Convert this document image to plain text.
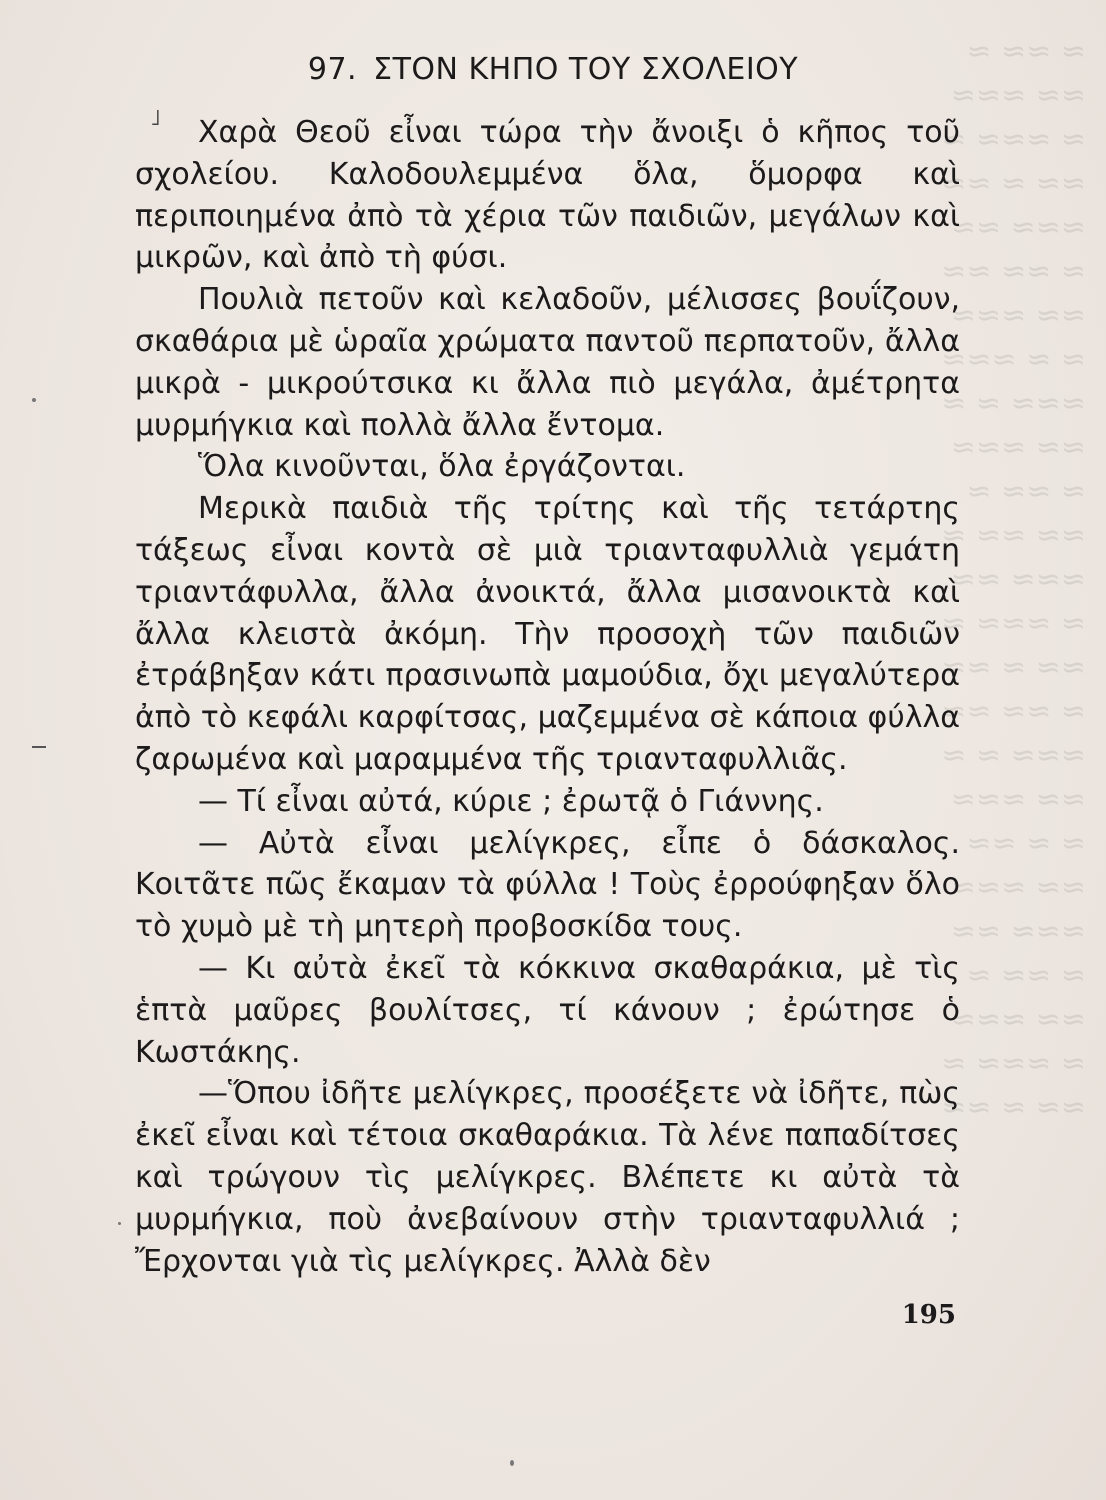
≈ ≈≈ ≈
≈≈ ≈≈≈
≈ ≈≈≈ ≈
≈≈ ≈ ≈≈
≈≈≈ ≈≈
≈ ≈≈ ≈≈
≈≈ ≈≈≈
≈ ≈ ≈≈≈
≈≈≈ ≈ ≈
≈≈ ≈≈≈
≈ ≈≈ ≈
≈≈ ≈≈ ≈
≈≈≈ ≈≈
≈ ≈≈≈ ≈
≈≈ ≈ ≈≈
≈ ≈≈ ≈≈
≈≈≈ ≈ ≈
≈≈ ≈≈≈
≈ ≈ ≈≈
≈≈ ≈≈≈
≈≈≈ ≈≈
≈ ≈≈ ≈
≈≈ ≈≈≈
≈ ≈≈≈ ≈
≈≈ ≈ ≈≈
97. ΣΤΟΝ ΚΗΠΟ ΤΟΥ ΣΧΟΛΕΙΟΥ
˩	Χαρὰ Θεοῦ εἶναι τώρα τὴν ἄνοιξι ὁ κῆπος τοῦ σχολείου. Καλοδουλεμμένα ὅλα, ὅμορφα καὶ περιποιημένα ἀπὸ τὰ χέρια τῶν παιδιῶν, μεγάλων καὶ μικρῶν, καὶ ἀπὸ τὴ φύσι.

Πουλιὰ πετοῦν καὶ κελαδοῦν, μέλισσες βουΐζουν, σκαθάρια μὲ ὡραῖα χρώματα παντοῦ περπατοῦν, ἄλλα μικρὰ - μικρούτσικα κι ἄλλα πιὸ μεγάλα, ἀμέτρητα μυρμήγκια καὶ πολλὰ ἄλλα ἔντομα.

Ὅλα κινοῦνται, ὅλα ἐργάζονται.

Μερικὰ παιδιὰ τῆς τρίτης καὶ τῆς τετάρτης τάξεως εἶναι κοντὰ σὲ μιὰ τριανταφυλλιὰ γεμάτη τριαντάφυλλα, ἄλλα ἀνοικτά, ἄλλα μισανοικτὰ καὶ ἄλλα κλειστὰ ἀκόμη. Τὴν προσοχὴ τῶν παιδιῶν ἐτράβηξαν κάτι πρασινωπὰ μαμούδια, ὄχι μεγαλύτερα ἀπὸ τὸ κεφάλι καρφίτσας, μαζεμμένα σὲ κάποια φύλλα ζαρωμένα καὶ μαραμμένα τῆς τριανταφυλλιᾶς.

— Τί εἶναι αὐτά, κύριε ; ἐρωτᾷ ὁ Γιάννης.

— Αὐτὰ εἶναι μελίγκρες, εἶπε ὁ δάσκαλος. Κοιτᾶτε πῶς ἔκαμαν τὰ φύλλα ! Τοὺς ἐρρούφηξαν ὅλο τὸ χυμὸ μὲ τὴ μητερὴ προβοσκίδα τους.

— Κι αὐτὰ ἐκεῖ τὰ κόκκινα σκαθαράκια, μὲ τὶς ἑπτὰ μαῦρες βουλίτσες, τί κάνουν ; ἐρώτησε ὁ Κωστάκης.

—Ὅπου ἰδῆτε μελίγκρες, προσέξετε νὰ ἰδῆτε, πὼς ἐκεῖ εἶναι καὶ τέτοια σκαθαράκια. Τὰ λένε παπαδίτσες καὶ τρώγουν τὶς μελίγκρες. Βλέπετε κι αὐτὰ τὰ μυρμήγκια, ποὺ ἀνεβαίνουν στὴν τριανταφυλλιά ; Ἔρχονται γιὰ τὶς μελίγκρες. Ἀλλὰ δὲν

195
